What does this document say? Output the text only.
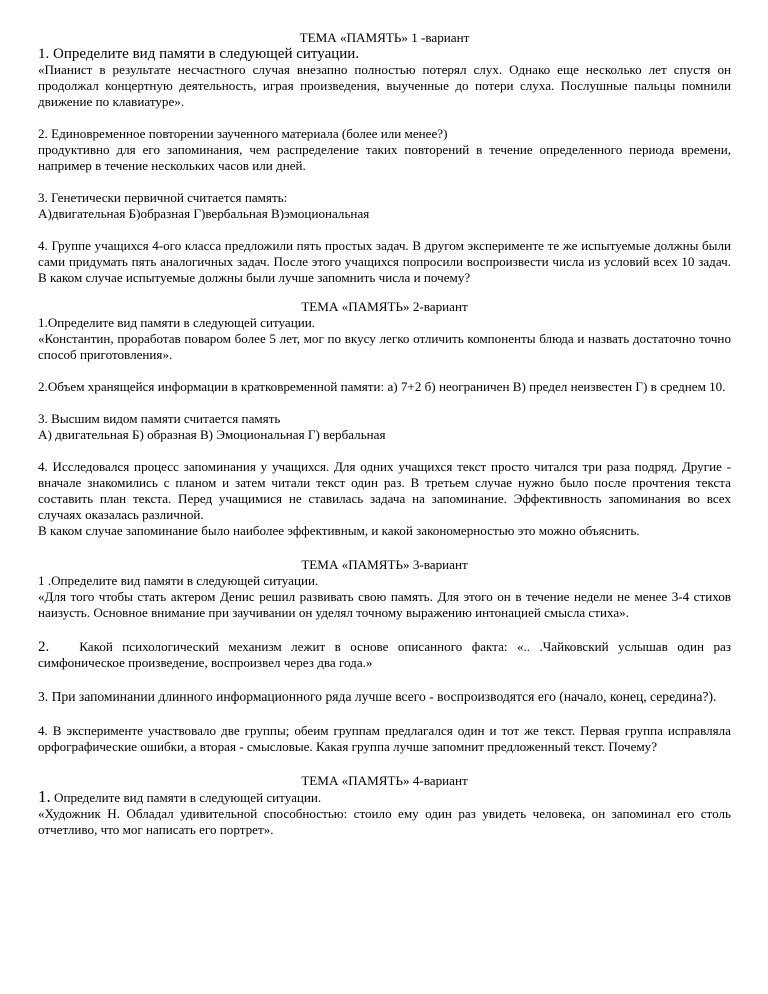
ТЕМА «ПАМЯТЬ» 1 -вариант

1. Определите вид памяти в следующей ситуации.

«Пианист в результате несчастного случая внезапно полностью потерял слух. Однако еще несколько лет спустя он продолжал концертную деятельность, играя произведения, выученные до потери слуха. Послушные пальцы помнили движение по клавиатуре».

2. Единовременное повторении заученного материала (более или менее?)

продуктивно для его запоминания, чем распределение таких повторений в течение определенного периода времени, например в течение нескольких часов или дней.

3. Генетически первичной считается память:

А)двигательная Б)образная Г)вербальная В)эмоциональная

4. Группе учащихся 4-ого класса предложили пять простых задач. В другом эксперименте те же испытуемые должны были сами придумать пять аналогичных задач. После этого учащихся попросили воспроизвести числа из условий всех 10 задач. В каком случае испытуемые должны были лучше запомнить числа и почему?

ТЕМА «ПАМЯТЬ» 2-вариант

1.Определите вид памяти в следующей ситуации.

«Константин, проработав поваром более 5 лет, мог по вкусу легко отличить компоненты блюда и назвать достаточно точно способ приготовления».

2.Объем хранящейся информации в кратковременной памяти: а) 7+2 б) неограничен В) предел неизвестен Г) в среднем 10.

3. Высшим видом памяти считается память

А) двигательная Б) образная В) Эмоциональная Г) вербальная

4. Исследовался процесс запоминания у учащихся. Для одних учащихся текст просто читался три раза подряд. Другие - вначале знакомились с планом и затем читали текст один раз. В третьем случае нужно было после прочтения текста составить план текста. Перед учащимися не ставилась задача на запоминание. Эффективность запоминания во всех случаях оказалась различной.

В каком случае запоминание было наиболее эффективным, и какой закономерностью это можно объяснить.

ТЕМА «ПАМЯТЬ» 3-вариант

1 .Определите вид памяти в следующей ситуации.

«Для того чтобы стать актером Денис решил развивать свою память. Для этого он в течение недели не менее 3-4 стихов наизусть. Основное внимание при заучивании он уделял точному выражению интонацией смысла стиха».

2. Какой психологический механизм лежит в основе описанного факта: «.. .Чайковский услышав один раз симфоническое произведение, воспроизвел через два года.»

3. При запоминании длинного информационного ряда лучше всего - воспроизводятся его (начало, конец, середина?).

4. В эксперименте участвовало две группы; обеим группам предлагался один и тот же текст. Первая группа исправляла орфографические ошибки, а вторая - смысловые. Какая группа лучше запомнит предложенный текст. Почему?

ТЕМА «ПАМЯТЬ» 4-вариант

1. Определите вид памяти в следующей ситуации.

«Художник Н. Обладал удивительной способностью: стоило ему один раз увидеть человека, он запоминал его столь отчетливо, что мог написать его портрет».
